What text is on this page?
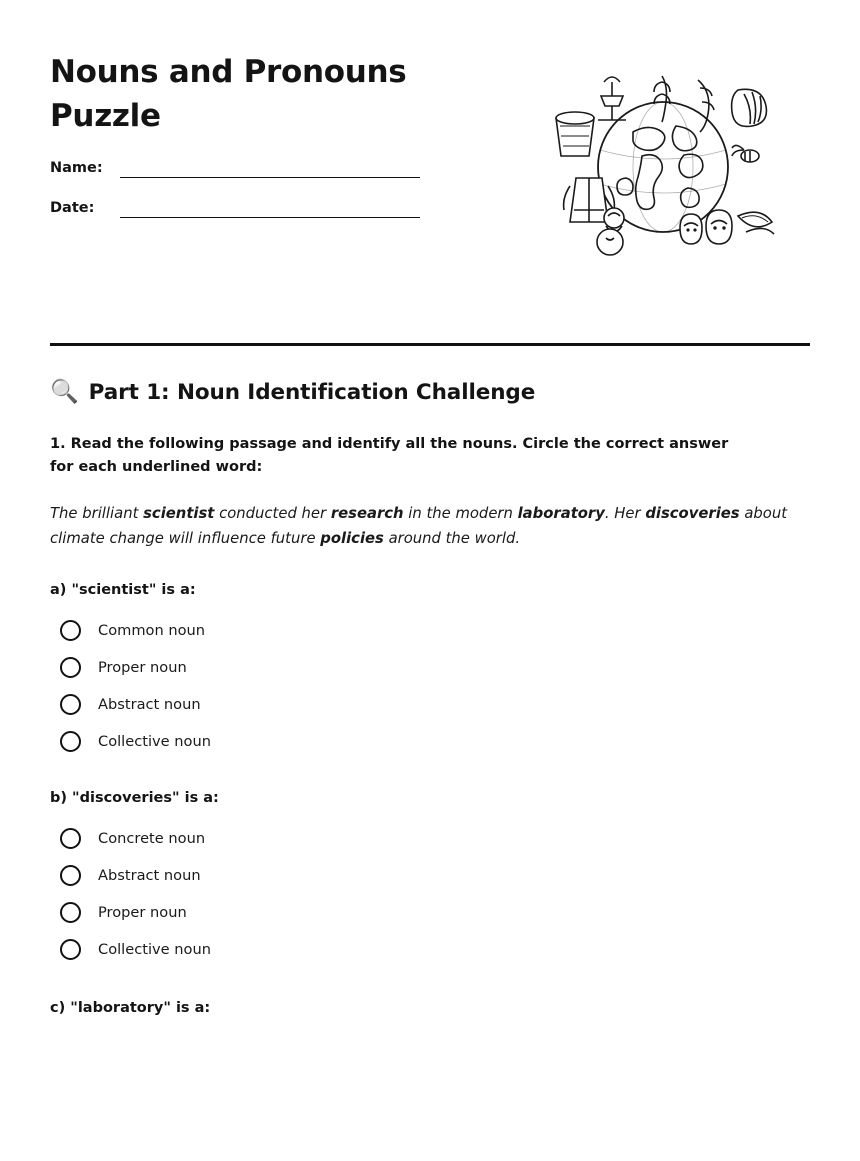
Nouns and Pronouns Puzzle
Name:
Date:
🔍 Part 1: Noun Identification Challenge
1. Read the following passage and identify all the nouns. Circle the correct answer for each underlined word:
The brilliant scientist conducted her research in the modern laboratory. Her discoveries about climate change will influence future policies around the world.
a) "scientist" is a:
Common noun
Proper noun
Abstract noun
Collective noun
b) "discoveries" is a:
Concrete noun
Abstract noun
Proper noun
Collective noun
c) "laboratory" is a:
